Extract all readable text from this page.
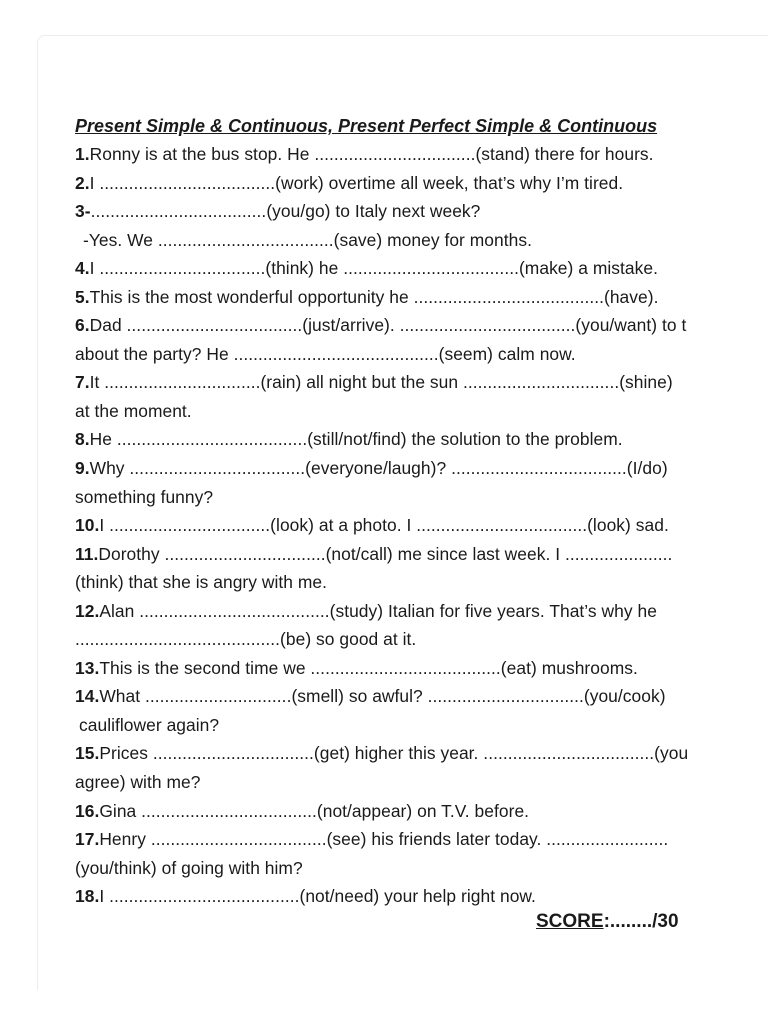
Present Simple & Continuous, Present Perfect Simple & Continuous

1.Ronny is at the bus stop. He .................................(stand) there for hours.

2.I ....................................(work) overtime all week, that’s why I’m tired.

3-....................................(you/go) to Italy next week?

-Yes. We ....................................(save) money for months.

4.I ..................................(think) he ....................................(make) a mistake.

5.This is the most wonderful opportunity he .......................................(have).

6.Dad ....................................(just/arrive). ....................................(you/want) to t

about the party? He ..........................................(seem) calm now.

7.It ................................(rain) all night but the sun ................................(shine)

at the moment.

8.He .......................................(still/not/find) the solution to the problem.

9.Why ....................................(everyone/laugh)? ....................................(I/do)

something funny?

10.I .................................(look) at a photo. I ...................................(look) sad.

11.Dorothy .................................(not/call) me since last week. I ......................

(think) that she is angry with me.

12.Alan .......................................(study) Italian for five years. That’s why he

..........................................(be) so good at it.

13.This is the second time we .......................................(eat) mushrooms.

14.What ..............................(smell) so awful? ................................(you/cook)

cauliflower again?

15.Prices .................................(get) higher this year. ...................................(you

agree) with me?

16.Gina ....................................(not/appear) on T.V. before.

17.Henry ....................................(see) his friends later today. .........................

(you/think) of going with him?

18.I .......................................(not/need) your help right now.

SCORE:......../30
